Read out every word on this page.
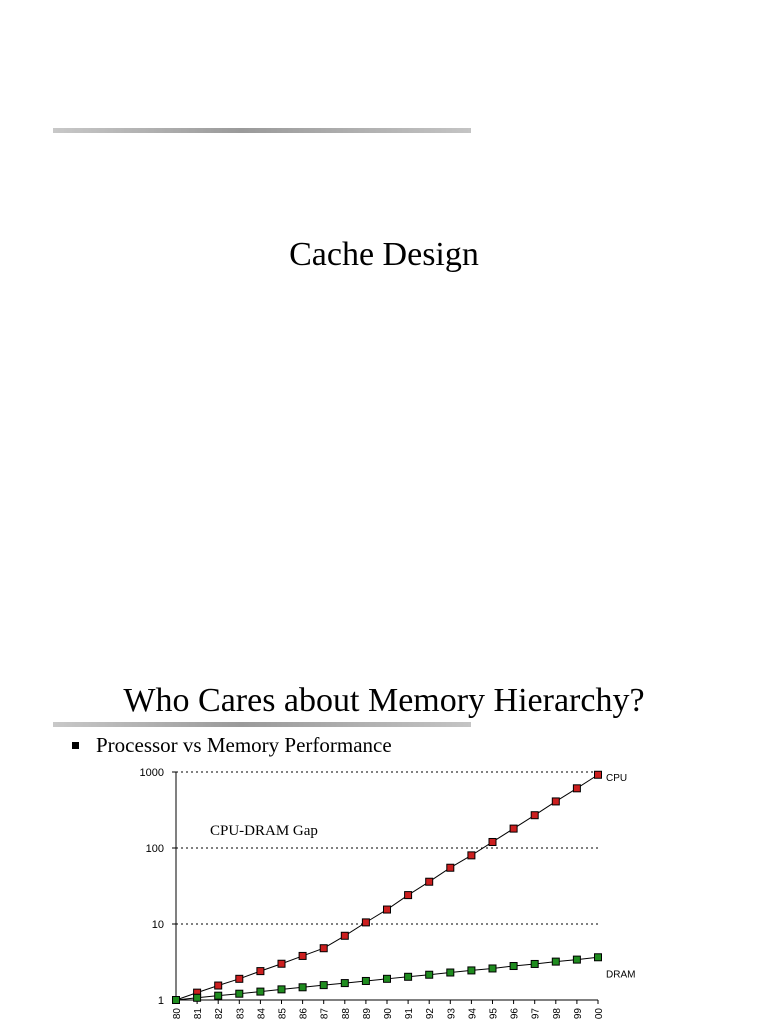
Cache Design
Who Cares about Memory Hierarchy?
Processor vs Memory Performance
1
10
100
1000
80 81 82 83 84 85 86 87 88 89 90 91 92 93 94 95 96 97 98 99 00
CPU
DRAM
CPU-DRAM Gap
